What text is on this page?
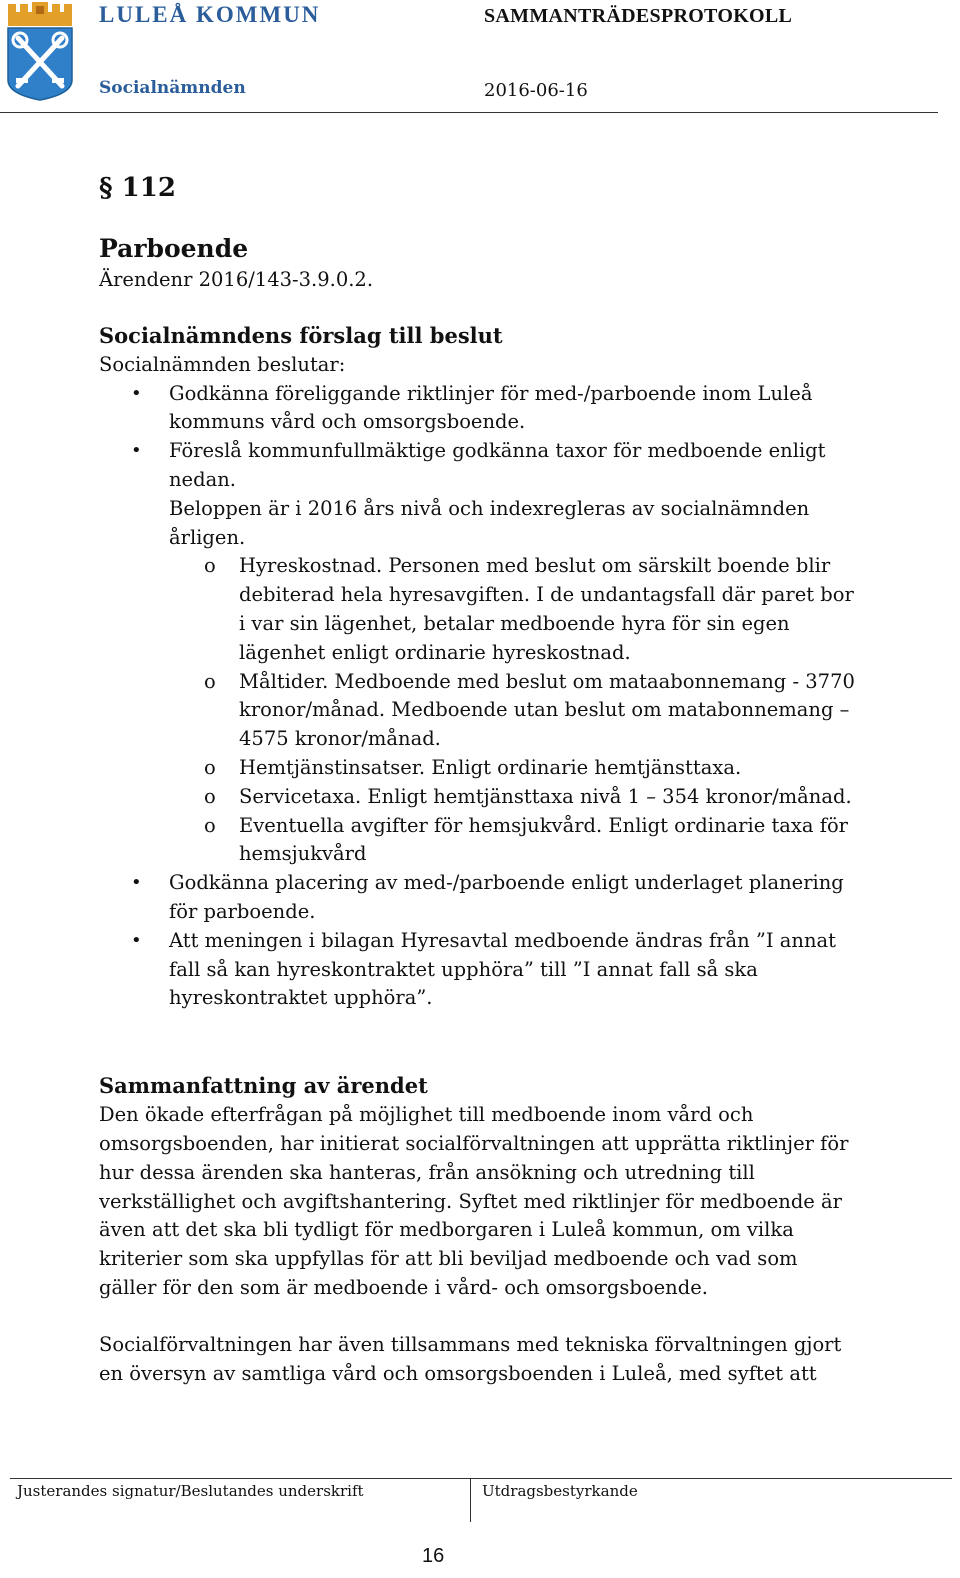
LULEÅ KOMMUN	SAMMANTRÄDESPROTOKOLL
Socialnämnden	2016-06-16

§ 112

Parboende

Ärendenr 2016/143-3.9.0.2.

Socialnämndens förslag till beslut

Socialnämnden beslutar:

• Godkänna föreliggande riktlinjer för med-/parboende inom Luleå kommuns vård och omsorgsboende.
• Föreslå kommunfullmäktige godkänna taxor för medboende enligt nedan.
Beloppen är i 2016 års nivå och indexregleras av socialnämnden årligen.
o Hyreskostnad. Personen med beslut om särskilt boende blir debiterad hela hyresavgiften. I de undantagsfall där paret bor i var sin lägenhet, betalar medboende hyra för sin egen lägenhet enligt ordinarie hyreskostnad.
o Måltider. Medboende med beslut om mataabonnemang - 3770 kronor/månad. Medboende utan beslut om matabonnemang – 4575 kronor/månad.
o Hemtjänstinsatser. Enligt ordinarie hemtjänsttaxa.
o Servicetaxa. Enligt hemtjänsttaxa nivå 1 – 354 kronor/månad.
o Eventuella avgifter för hemsjukvård. Enligt ordinarie taxa för hemsjukvård
• Godkänna placering av med-/parboende enligt underlaget planering för parboende.
• Att meningen i bilagan Hyresavtal medboende ändras från ”I annat fall så kan hyreskontraktet upphöra” till ”I annat fall så ska hyreskontraktet upphöra”.
Sammanfattning av ärendet

Den ökade efterfrågan på möjlighet till medboende inom vård och omsorgsboenden, har initierat socialförvaltningen att upprätta riktlinjer för hur dessa ärenden ska hanteras, från ansökning och utredning till verkställighet och avgiftshantering. Syftet med riktlinjer för medboende är även att det ska bli tydligt för medborgaren i Luleå kommun, om vilka kriterier som ska uppfyllas för att bli beviljad medboende och vad som gäller för den som är medboende i vård- och omsorgsboende.

Socialförvaltningen har även tillsammans med tekniska förvaltningen gjort en översyn av samtliga vård och omsorgsboenden i Luleå, med syftet att

Justerandes signatur/Beslutandes underskrift	Utdragsbestyrkande
16
